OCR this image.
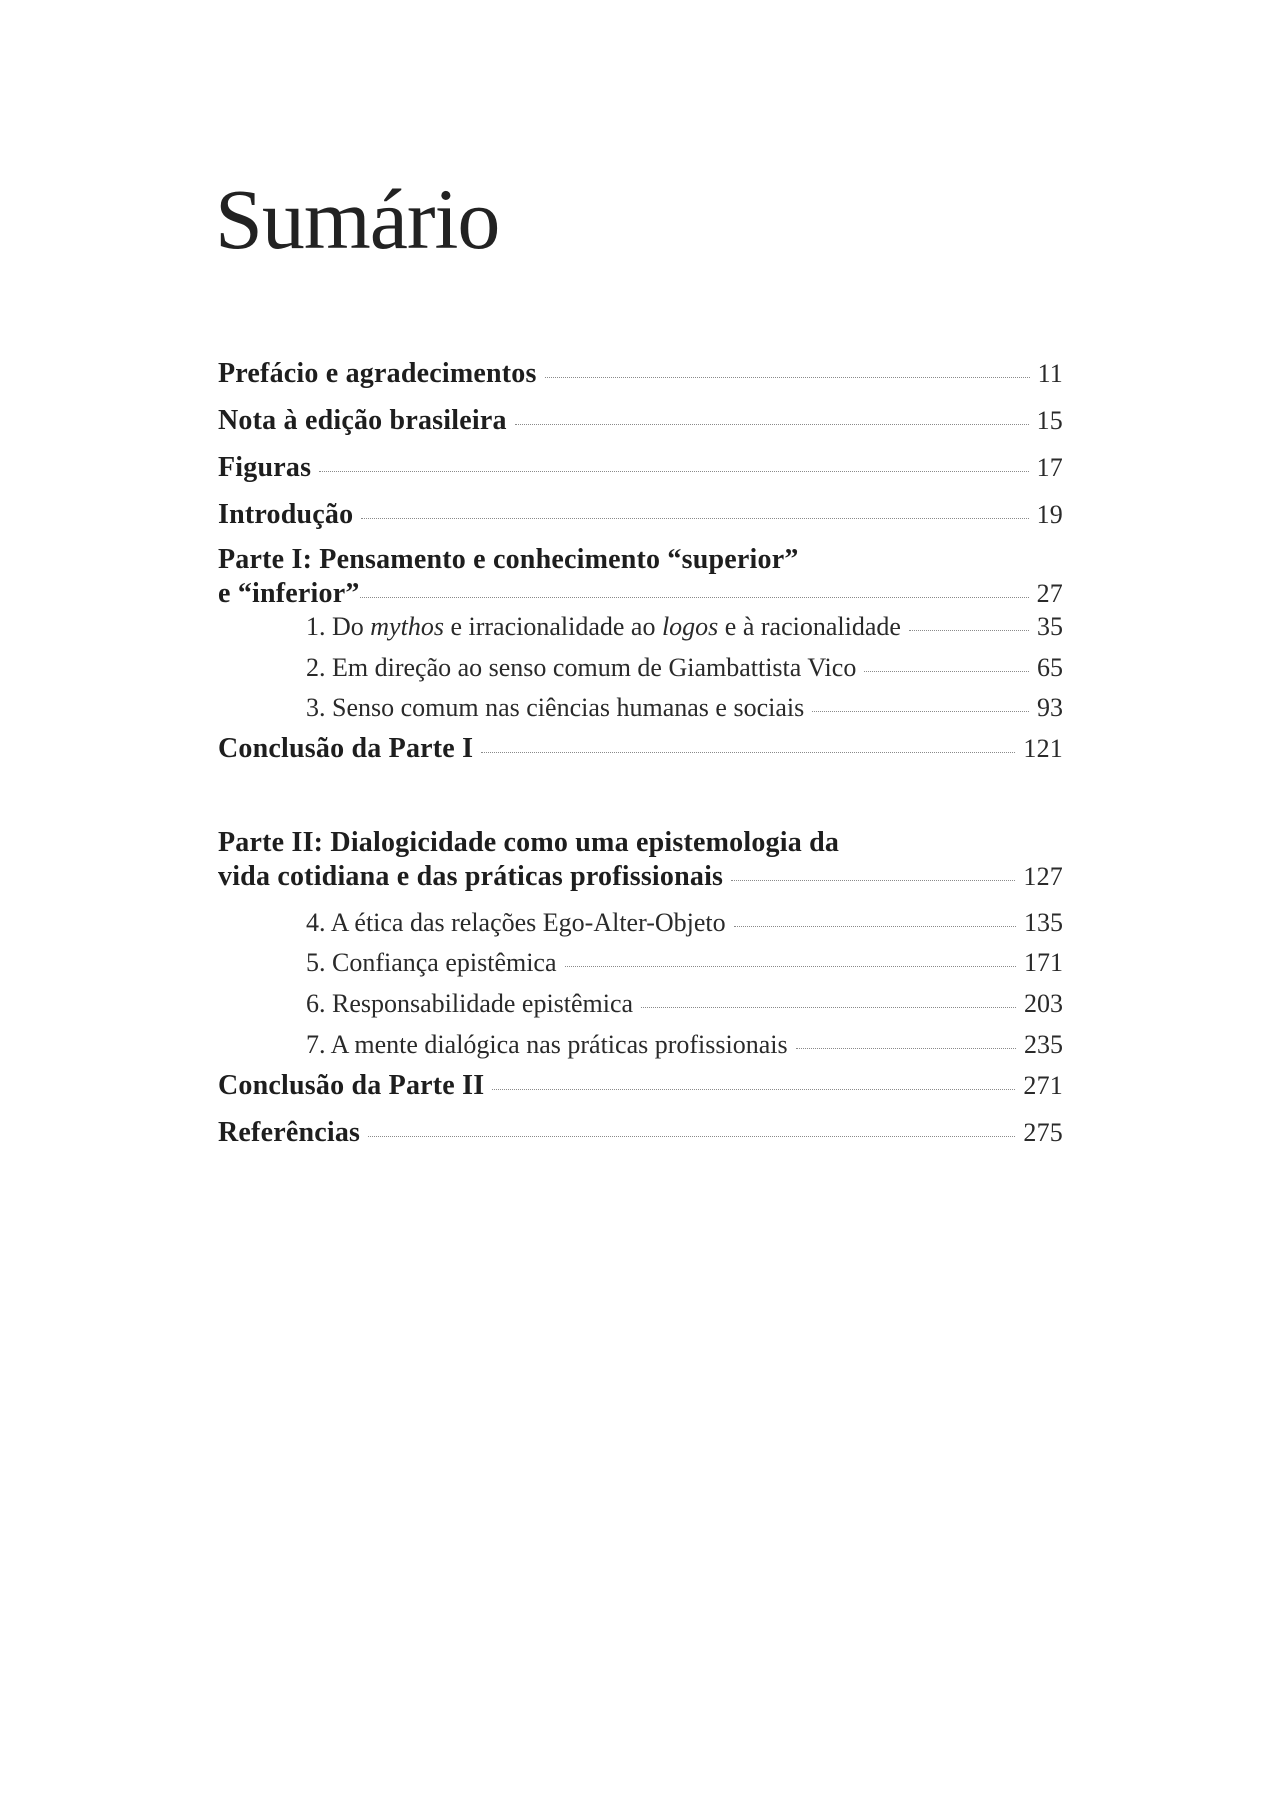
Sumário
Prefácio e agradecimentos	11
Nota à edição brasileira	15
Figuras	17
Introdução	19
Parte I: Pensamento e conhecimento “superior”
e “inferior”	27
1. Do mythos e irracionalidade ao logos e à racionalidade	35
2. Em direção ao senso comum de Giambattista Vico	65
3. Senso comum nas ciências humanas e sociais	93
Conclusão da Parte I	121
Parte II: Dialogicidade como uma epistemologia da
vida cotidiana e das práticas profissionais	127
4. A ética das relações Ego-Alter-Objeto	135
5. Confiança epistêmica	171
6. Responsabilidade epistêmica	203
7. A mente dialógica nas práticas profissionais	235
Conclusão da Parte II	271
Referências	275
